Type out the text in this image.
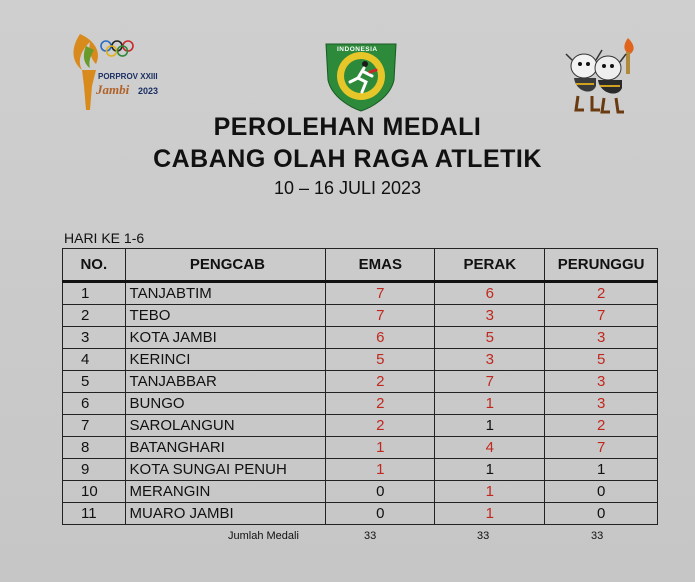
PORPROV XXIII
Jambi 2023
INDONESIA
PEROLEHAN MEDALI
CABANG OLAH RAGA ATLETIK
10 – 16 JULI 2023
HARI KE 1-6
NO.	PENGCAB	EMAS	PERAK	PERUNGGU
1	TANJABTIM	7	6	2
2	TEBO	7	3	7
3	KOTA JAMBI	6	5	3
4	KERINCI	5	3	5
5	TANJABBAR	2	7	3
6	BUNGO	2	1	3
7	SAROLANGUN	2	1	2
8	BATANGHARI	1	4	7
9	KOTA SUNGAI PENUH	1	1	1
10	MERANGIN	0	1	0
11	MUARO JAMBI	0	1	0
Jumlah Medali	33	33	33
